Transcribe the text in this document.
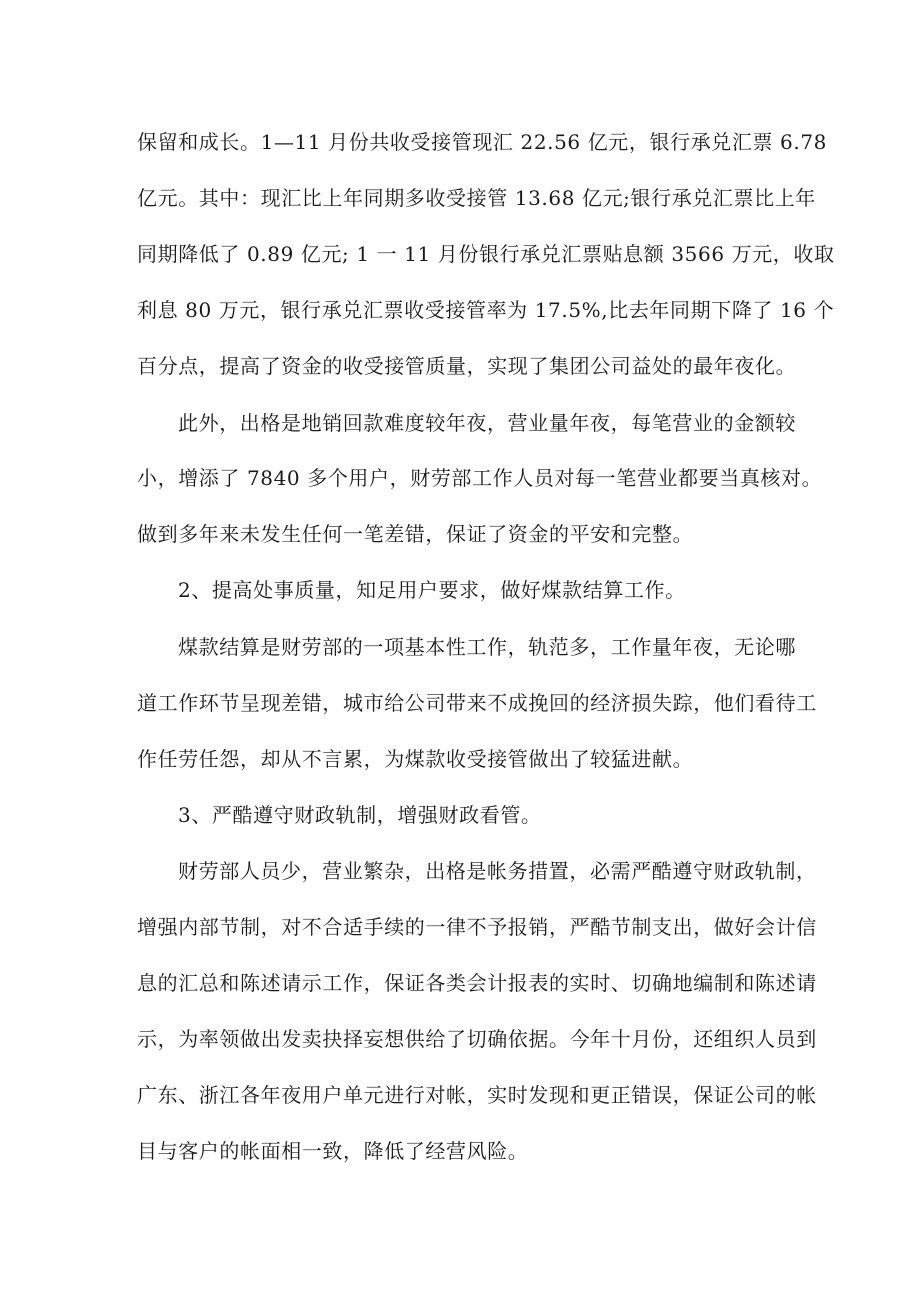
保留和成长。1—11 月份共收受接管现汇 22.56 亿元，银行承兑汇票 6.78
亿元。其中：现汇比上年同期多收受接管 13.68 亿元;银行承兑汇票比上年
同期降低了 0.89 亿元; 1 一 11 月份银行承兑汇票贴息额 3566 万元，收取
利息 80 万元，银行承兑汇票收受接管率为 17.5%,比去年同期下降了 16 个
百分点，提高了资金的收受接管质量，实现了集团公司益处的最年夜化。
此外，出格是地销回款难度较年夜，营业量年夜，每笔营业的金额较
小，增添了 7840 多个用户，财劳部工作人员对每一笔营业都要当真核对。
做到多年来未发生任何一笔差错，保证了资金的平安和完整。
2、提高处事质量，知足用户要求，做好煤款结算工作。
煤款结算是财劳部的一项基本性工作，轨范多，工作量年夜，无论哪
道工作环节呈现差错，城市给公司带来不成挽回的经济损失踪，他们看待工
作任劳任怨，却从不言累，为煤款收受接管做出了较猛进献。
3、严酷遵守财政轨制，增强财政看管。
财劳部人员少，营业繁杂，出格是帐务措置，必需严酷遵守财政轨制，
增强内部节制，对不合适手续的一律不予报销，严酷节制支出，做好会计信
息的汇总和陈述请示工作，保证各类会计报表的实时、切确地编制和陈述请
示，为率领做出发卖抉择妄想供给了切确依据。今年十月份，还组织人员到
广东、浙江各年夜用户单元进行对帐，实时发现和更正错误，保证公司的帐
目与客户的帐面相一致，降低了经营风险。
